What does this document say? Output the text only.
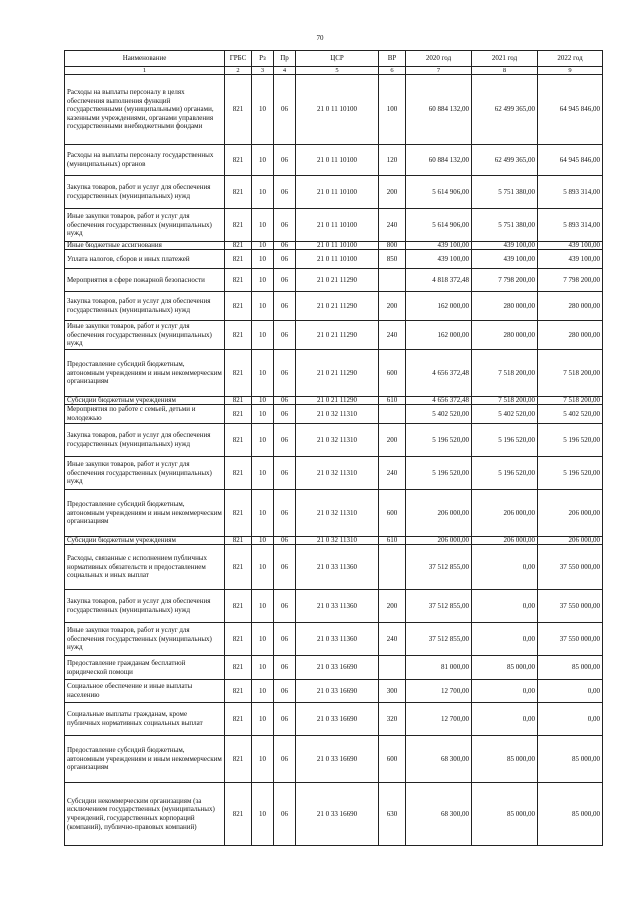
70
Наименование	ГРБС	Рз	Пр	ЦСР	ВР	2020 год	2021 год	2022 год
1	2	3	4	5	6	7	8	9
Расходы на выплаты персоналу в целях обеспечения выполнения функций государственными (муниципальными) органами, казенными учреждениями, органами управления государственными внебюджетными фондами	821	10	06	21 0 11 10100	100	60 884 132,00	62 499 365,00	64 945 846,00
Расходы на выплаты персоналу государственных (муниципальных) органов	821	10	06	21 0 11 10100	120	60 884 132,00	62 499 365,00	64 945 846,00
Закупка товаров, работ и услуг для обеспечения государственных (муниципальных) нужд	821	10	06	21 0 11 10100	200	5 614 906,00	5 751 380,00	5 893 314,00
Иные закупки товаров, работ и услуг для обеспечения государственных (муниципальных) нужд	821	10	06	21 0 11 10100	240	5 614 906,00	5 751 380,00	5 893 314,00
Иные бюджетные ассигнования	821	10	06	21 0 11 10100	800	439 100,00	439 100,00	439 100,00
Уплата налогов, сборов и иных платежей	821	10	06	21 0 11 10100	850	439 100,00	439 100,00	439 100,00
Мероприятия в сфере пожарной безопасности	821	10	06	21 0 21 11290		4 818 372,48	7 798 200,00	7 798 200,00
Закупка товаров, работ и услуг для обеспечения государственных (муниципальных) нужд	821	10	06	21 0 21 11290	200	162 000,00	280 000,00	280 000,00
Иные закупки товаров, работ и услуг для обеспечения государственных (муниципальных) нужд	821	10	06	21 0 21 11290	240	162 000,00	280 000,00	280 000,00
Предоставление субсидий бюджетным, автономным учреждениям и иным некоммерческим организациям	821	10	06	21 0 21 11290	600	4 656 372,48	7 518 200,00	7 518 200,00
Субсидии бюджетным учреждениям	821	10	06	21 0 21 11290	610	4 656 372,48	7 518 200,00	7 518 200,00
Мероприятия по работе с семьей, детьми и молодежью	821	10	06	21 0 32 11310		5 402 520,00	5 402 520,00	5 402 520,00
Закупка товаров, работ и услуг для обеспечения государственных (муниципальных) нужд	821	10	06	21 0 32 11310	200	5 196 520,00	5 196 520,00	5 196 520,00
Иные закупки товаров, работ и услуг для обеспечения государственных (муниципальных) нужд	821	10	06	21 0 32 11310	240	5 196 520,00	5 196 520,00	5 196 520,00
Предоставление субсидий бюджетным, автономным учреждениям и иным некоммерческим организациям	821	10	06	21 0 32 11310	600	206 000,00	206 000,00	206 000,00
Субсидии бюджетным учреждениям	821	10	06	21 0 32 11310	610	206 000,00	206 000,00	206 000,00
Расходы, связанные с исполнением публичных нормативных обязательств и предоставлением социальных и иных выплат	821	10	06	21 0 33 11360		37 512 855,00	0,00	37 550 000,00
Закупка товаров, работ и услуг для обеспечения государственных (муниципальных) нужд	821	10	06	21 0 33 11360	200	37 512 855,00	0,00	37 550 000,00
Иные закупки товаров, работ и услуг для обеспечения государственных (муниципальных) нужд	821	10	06	21 0 33 11360	240	37 512 855,00	0,00	37 550 000,00
Предоставление гражданам бесплатной юридической помощи	821	10	06	21 0 33 16690		81 000,00	85 000,00	85 000,00
Социальное обеспечение и иные выплаты населению	821	10	06	21 0 33 16690	300	12 700,00	0,00	0,00
Социальные выплаты гражданам, кроме публичных нормативных социальных выплат	821	10	06	21 0 33 16690	320	12 700,00	0,00	0,00
Предоставление субсидий бюджетным, автономным учреждениям и иным некоммерческим организациям	821	10	06	21 0 33 16690	600	68 300,00	85 000,00	85 000,00
Субсидии некоммерческим организациям (за исключением государственных (муниципальных) учреждений, государственных корпораций (компаний), публично-правовых компаний)	821	10	06	21 0 33 16690	630	68 300,00	85 000,00	85 000,00
